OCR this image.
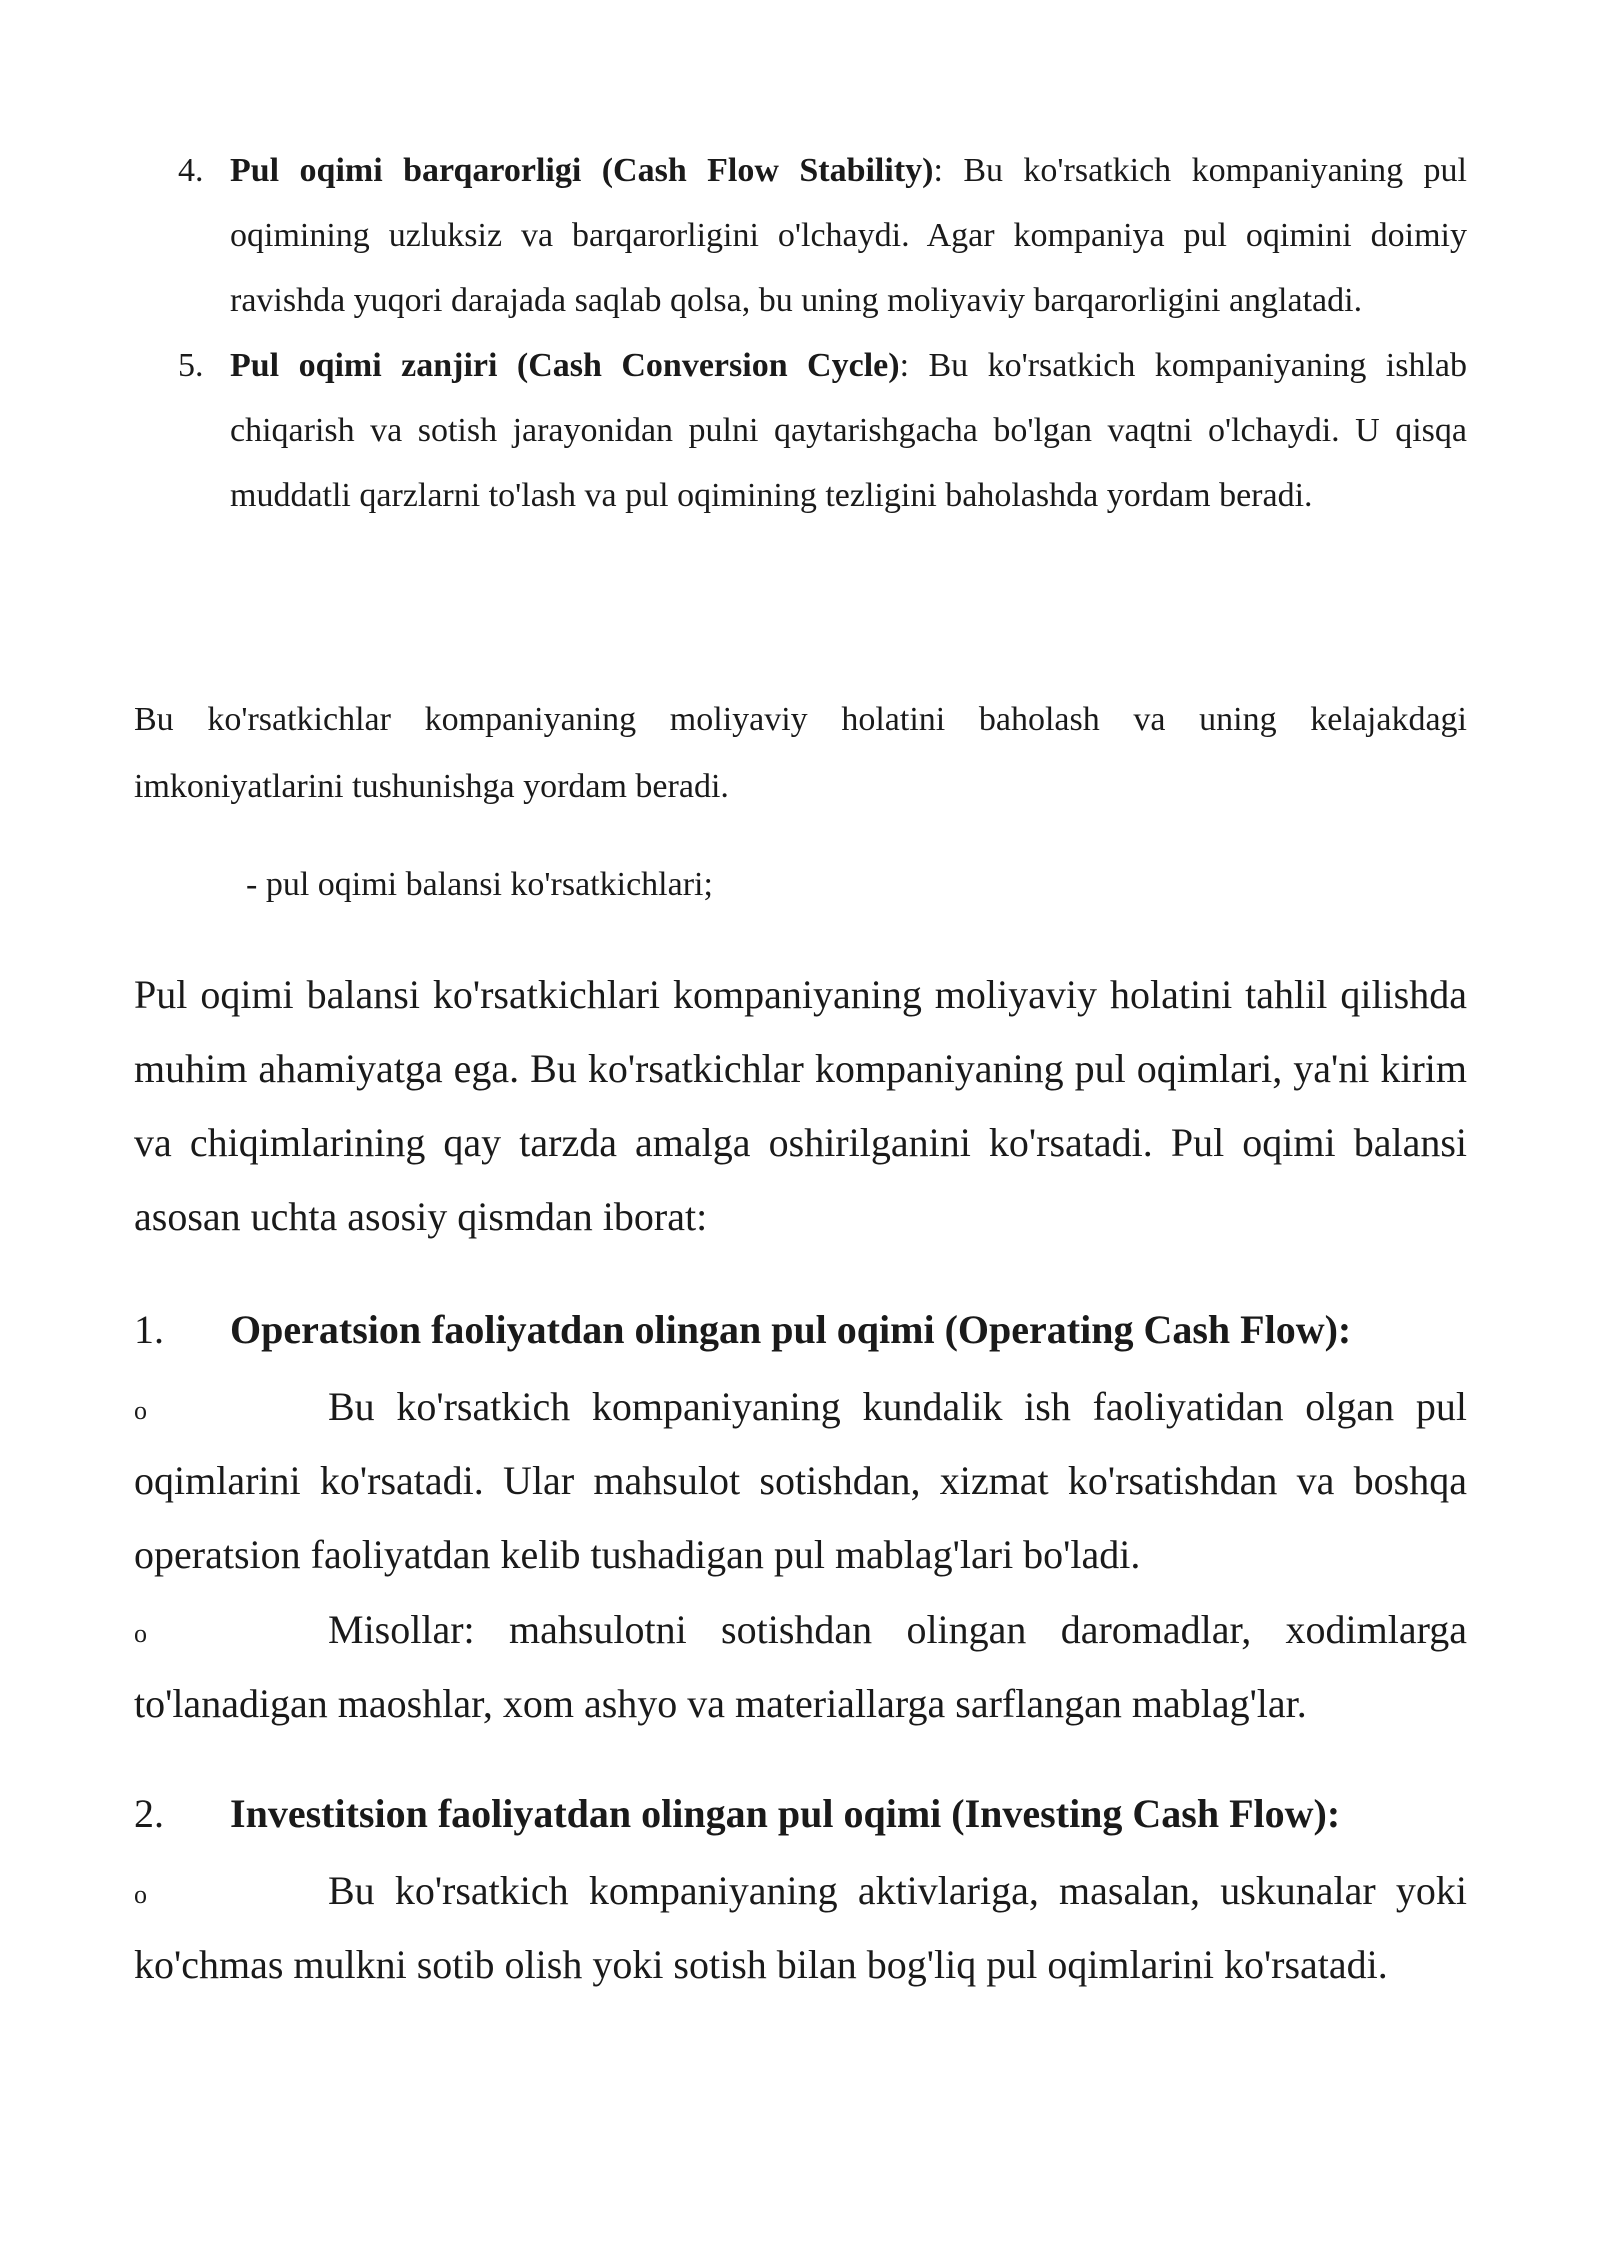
4. Pul oqimi barqarorligi (Cash Flow Stability): Bu ko'rsatkich kompaniyaning pul oqimining uzluksiz va barqarorligini o'lchaydi. Agar kompaniya pul oqimini doimiy ravishda yuqori darajada saqlab qolsa, bu uning moliyaviy barqarorligini anglatadi.
5. Pul oqimi zanjiri (Cash Conversion Cycle): Bu ko'rsatkich kompaniyaning ishlab chiqarish va sotish jarayonidan pulni qaytarishgacha bo'lgan vaqtni o'lchaydi. U qisqa muddatli qarzlarni to'lash va pul oqimining tezligini baholashda yordam beradi.

Bu ko'rsatkichlar kompaniyaning moliyaviy holatini baholash va uning kelajakdagi imkoniyatlarini tushunishga yordam beradi.

- pul oqimi balansi ko'rsatkichlari;

Pul oqimi balansi ko'rsatkichlari kompaniyaning moliyaviy holatini tahlil qilishda muhim ahamiyatga ega. Bu ko'rsatkichlar kompaniyaning pul oqimlari, ya'ni kirim va chiqimlarining qay tarzda amalga oshirilganini ko'rsatadi. Pul oqimi balansi asosan uchta asosiy qismdan iborat:

1. Operatsion faoliyatdan olingan pul oqimi (Operating Cash Flow):

o	Bu ko'rsatkich kompaniyaning kundalik ish faoliyatidan olgan pul oqimlarini ko'rsatadi. Ular mahsulot sotishdan, xizmat ko'rsatishdan va boshqa operatsion faoliyatdan kelib tushadigan pul mablag'lari bo'ladi.

o	Misollar: mahsulotni sotishdan olingan daromadlar, xodimlarga to'lanadigan maoshlar, xom ashyo va materiallarga sarflangan mablag'lar.

2. Investitsion faoliyatdan olingan pul oqimi (Investing Cash Flow):

o	Bu ko'rsatkich kompaniyaning aktivlariga, masalan, uskunalar yoki ko'chmas mulkni sotib olish yoki sotish bilan bog'liq pul oqimlarini ko'rsatadi.
